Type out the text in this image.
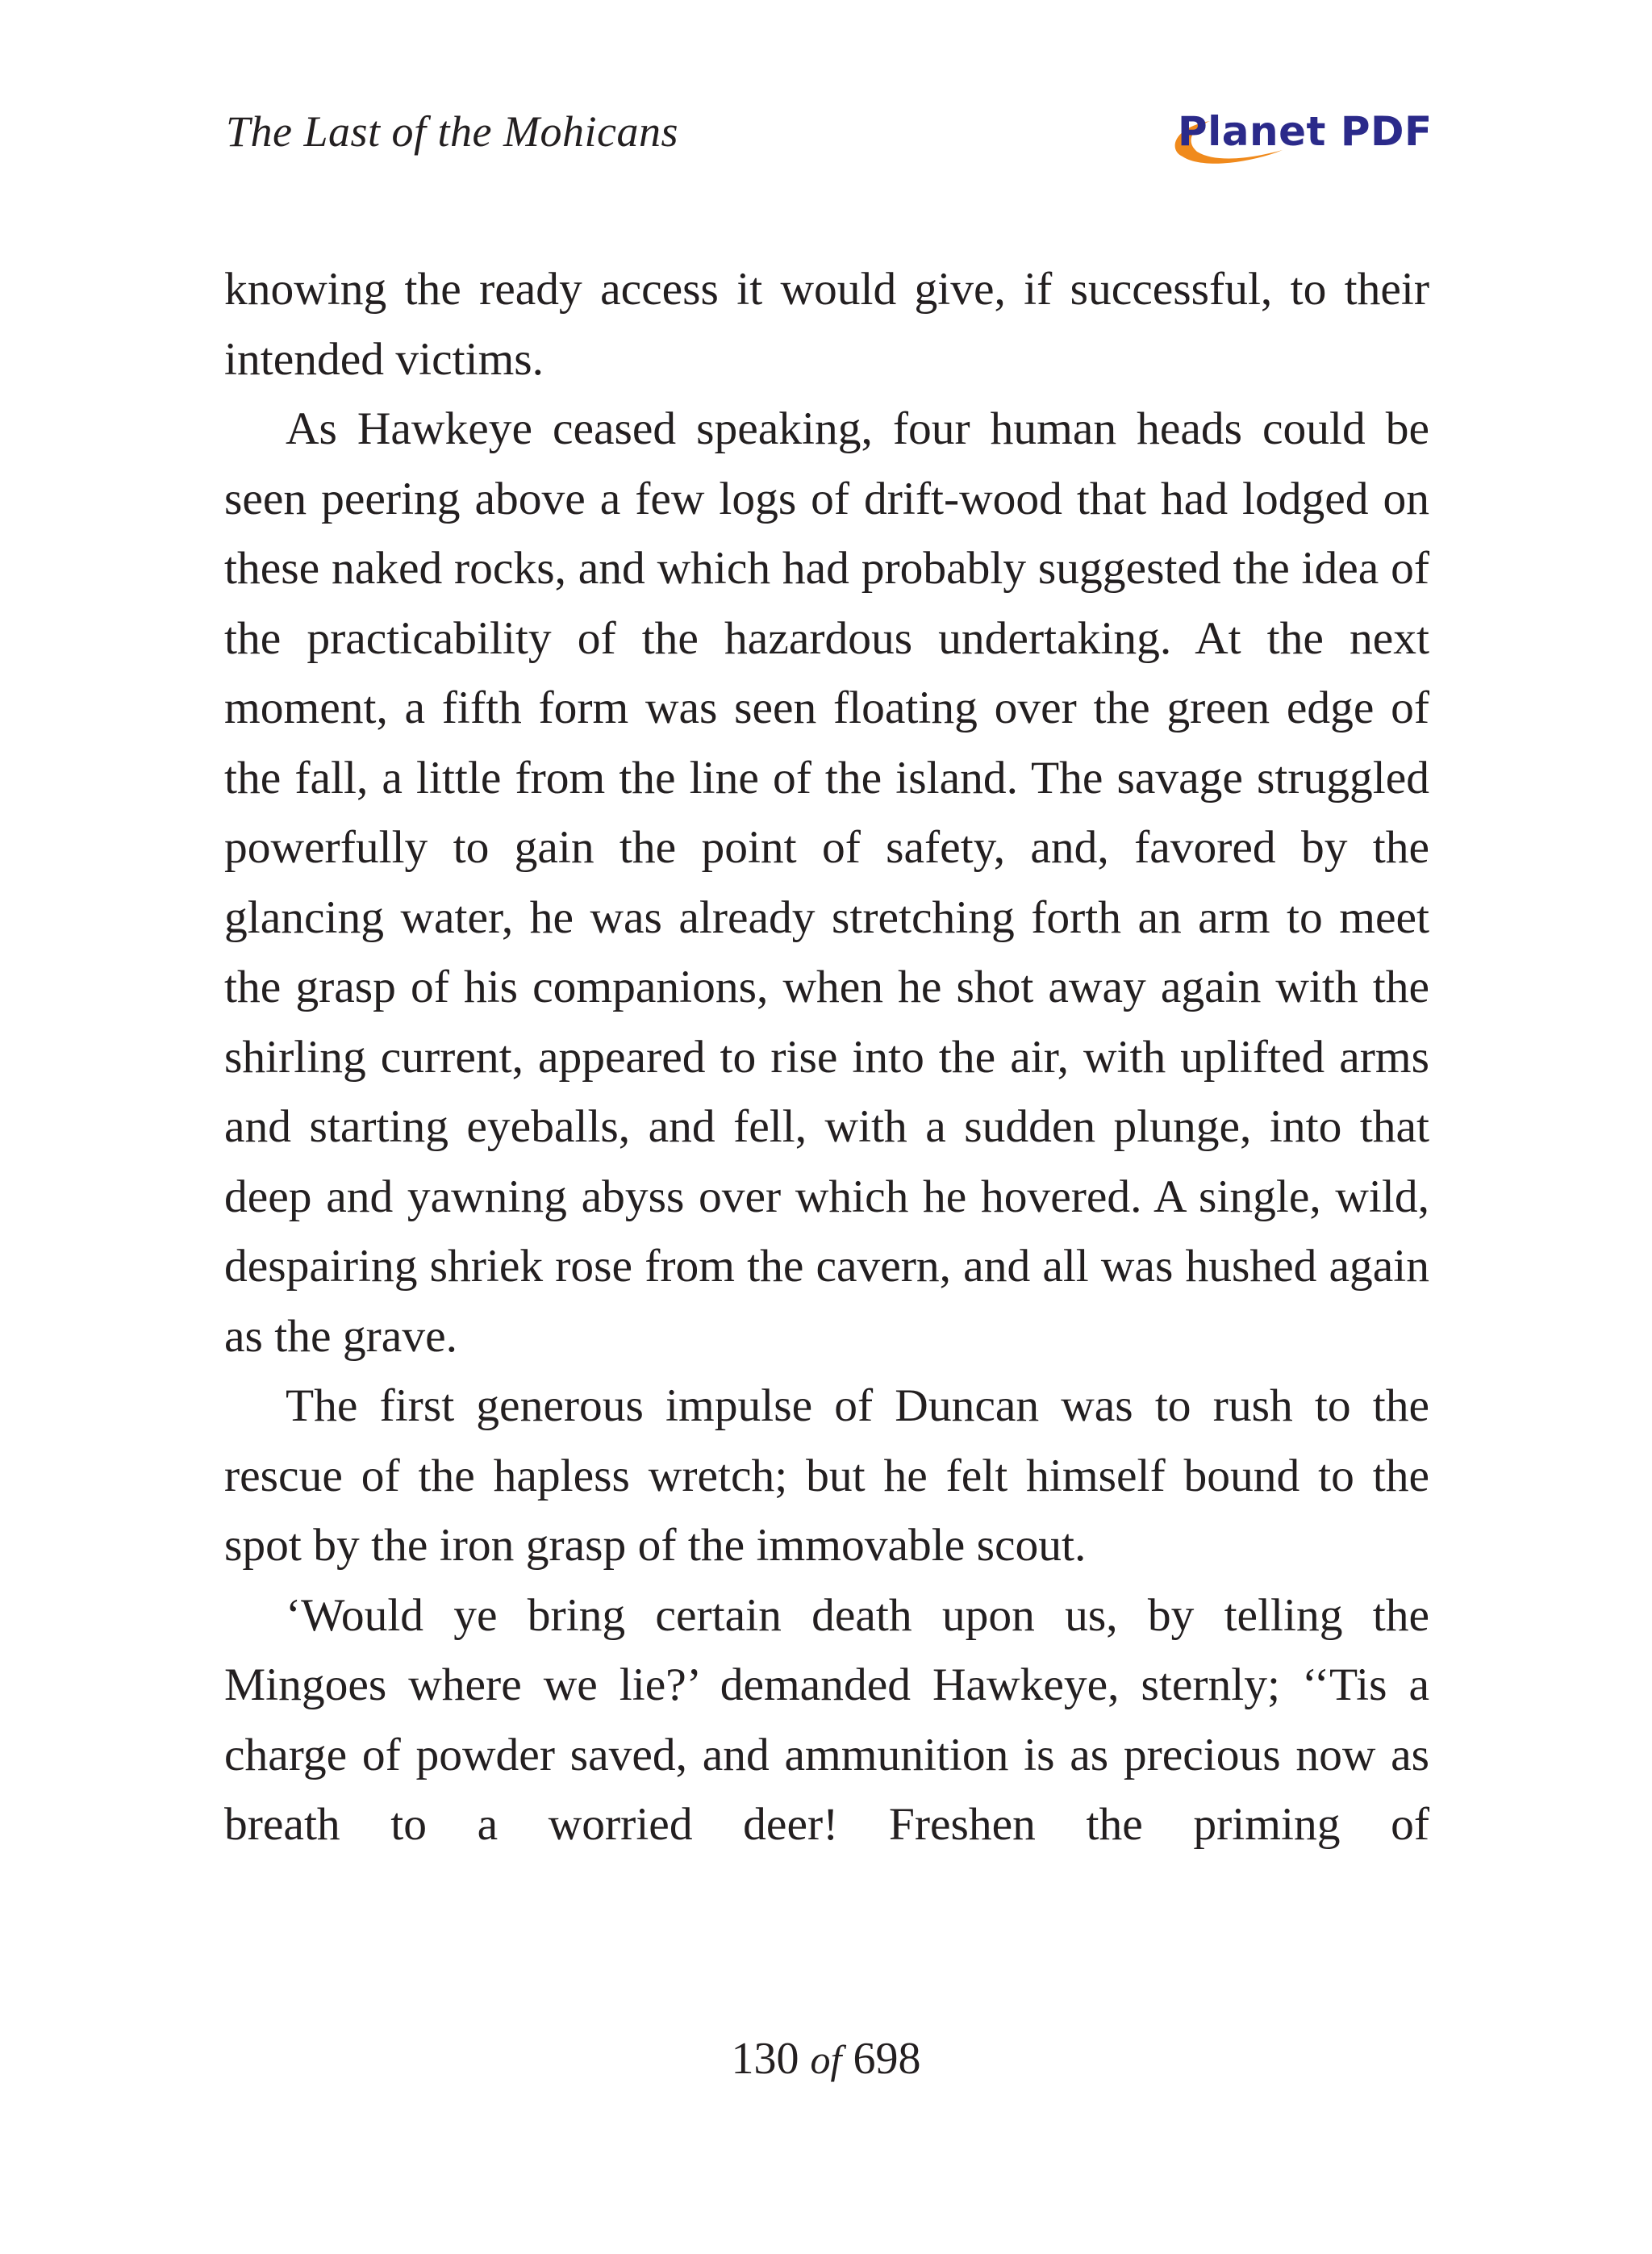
The Last of the Mohicans	Planet PDF

knowing the ready access it would give, if successful, to their intended victims.

As Hawkeye ceased speaking, four human heads could be seen peering above a few logs of drift-wood that had lodged on these naked rocks, and which had probably suggested the idea of the practicability of the hazardous undertaking. At the next moment, a fifth form was seen floating over the green edge of the fall, a little from the line of the island. The savage struggled powerfully to gain the point of safety, and, favored by the glancing water, he was already stretching forth an arm to meet the grasp of his companions, when he shot away again with the shirling current, appeared to rise into the air, with uplifted arms and starting eyeballs, and fell, with a sudden plunge, into that deep and yawning abyss over which he hovered. A single, wild, despairing shriek rose from the cavern, and all was hushed again as the grave.

The first generous impulse of Duncan was to rush to the rescue of the hapless wretch; but he felt himself bound to the spot by the iron grasp of the immovable scout.

‘Would ye bring certain death upon us, by telling the Mingoes where we lie?’ demanded Hawkeye, sternly; ‘‘Tis a charge of powder saved, and ammunition is as precious now as breath to a worried deer! Freshen the priming of

130 of 698
